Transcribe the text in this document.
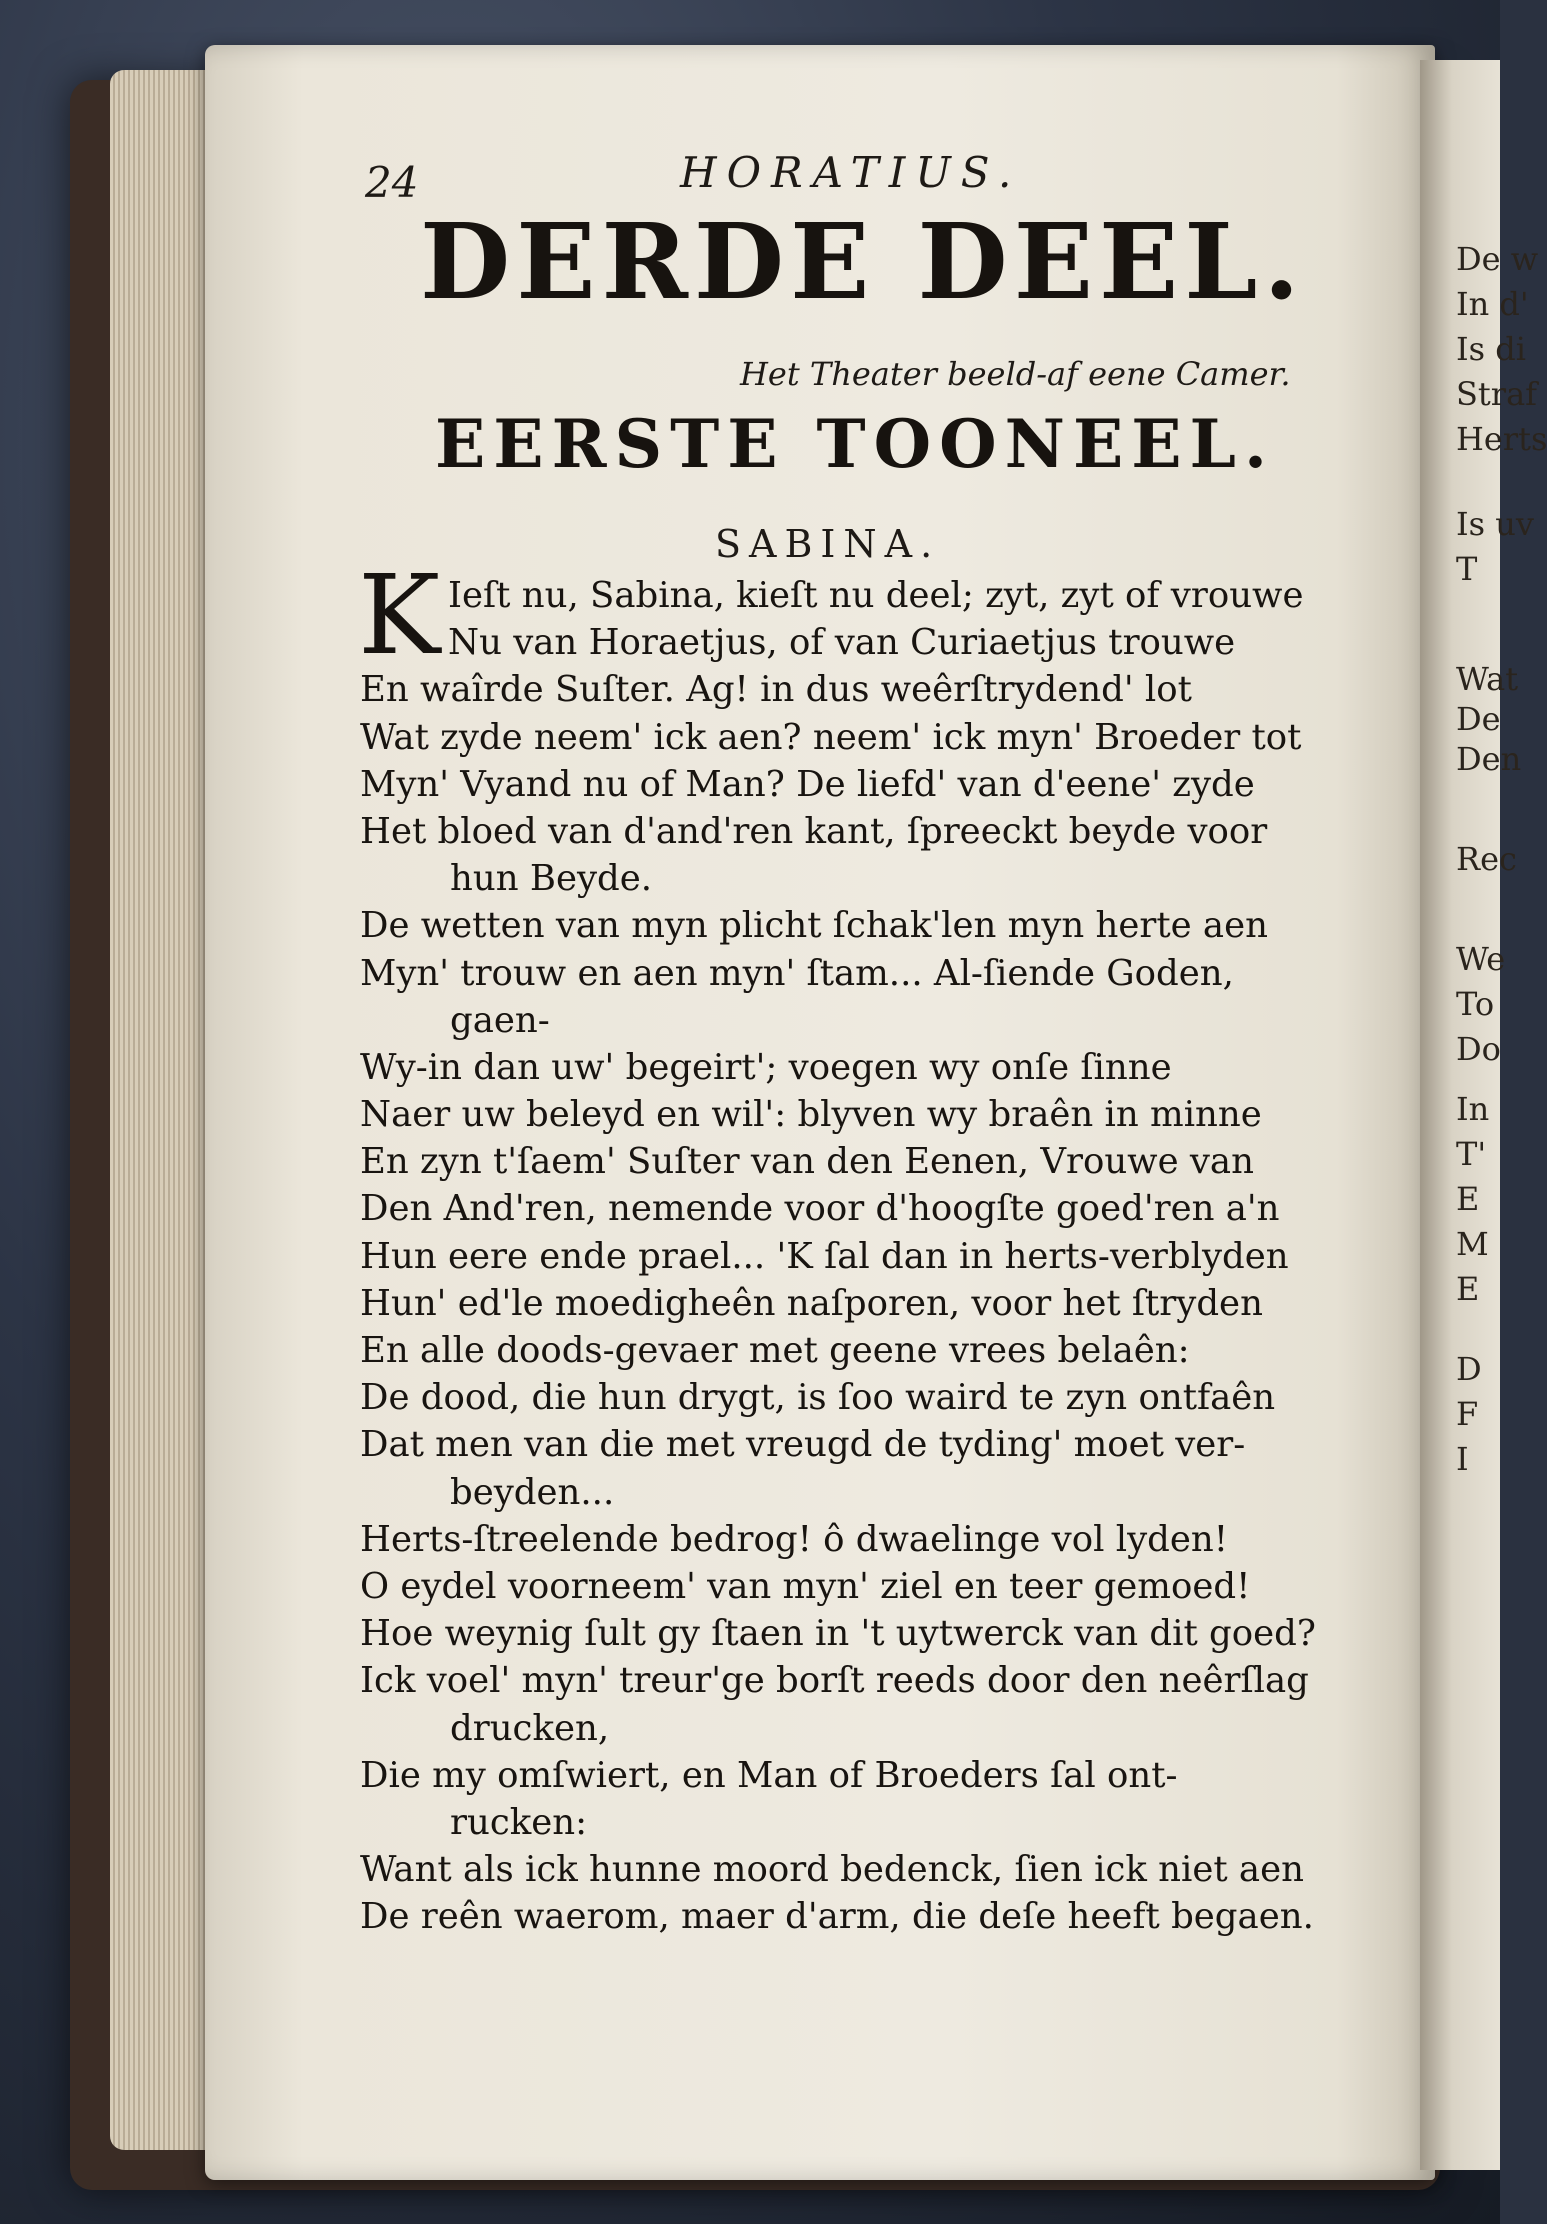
De w
In d'
Is di
Straf
Herts
Is uv
T
Wat
De
Den
Rec
We
To
Do
In
T'
E
M
E
D
F
I
24	HORATIUS.
DERDE DEEL.
Het Theater beeld-af eene Camer.
EERSTE TOONEEL.
SABINA.
K Ieſt nu, Sabina, kieſt nu deel; zyt, zyt of vrouwe
Nu van Horaetjus, of van Curiaetjus trouwe
En waîrde Suſter. Ag! in dus weêrſtrydend' lot
Wat zyde neem' ick aen? neem' ick myn' Broeder tot
Myn' Vyand nu of Man? De liefd' van d'eene' zyde
Het bloed van d'and'ren kant, ſpreeckt beyde voor
hun Beyde.
De wetten van myn plicht ſchak'len myn herte aen
Myn' trouw en aen myn' ſtam... Al-ſiende Goden,
gaen-
Wy-in dan uw' begeirt'; voegen wy onſe ſinne
Naer uw beleyd en wil': blyven wy braên in minne
En zyn t'ſaem' Suſter van den Eenen, Vrouwe van
Den And'ren, nemende voor d'hoogſte goed'ren a'n
Hun eere ende prael... 'K ſal dan in herts-verblyden
Hun' ed'le moedigheên naſporen, voor het ſtryden
En alle doods-gevaer met geene vrees belaên:
De dood, die hun drygt, is ſoo waird te zyn ontfaên
Dat men van die met vreugd de tyding' moet ver-
beyden...
Herts-ſtreelende bedrog! ô dwaelinge vol lyden!
O eydel voorneem' van myn' ziel en teer gemoed!
Hoe weynig ſult gy ſtaen in 't uytwerck van dit goed?
Ick voel' myn' treur'ge borſt reeds door den neêrſlag
drucken,
Die my omſwiert, en Man of Broeders ſal ont-
rucken:
Want als ick hunne moord bedenck, ſien ick niet aen
De reên waerom, maer d'arm, die deſe heeft begaen.
